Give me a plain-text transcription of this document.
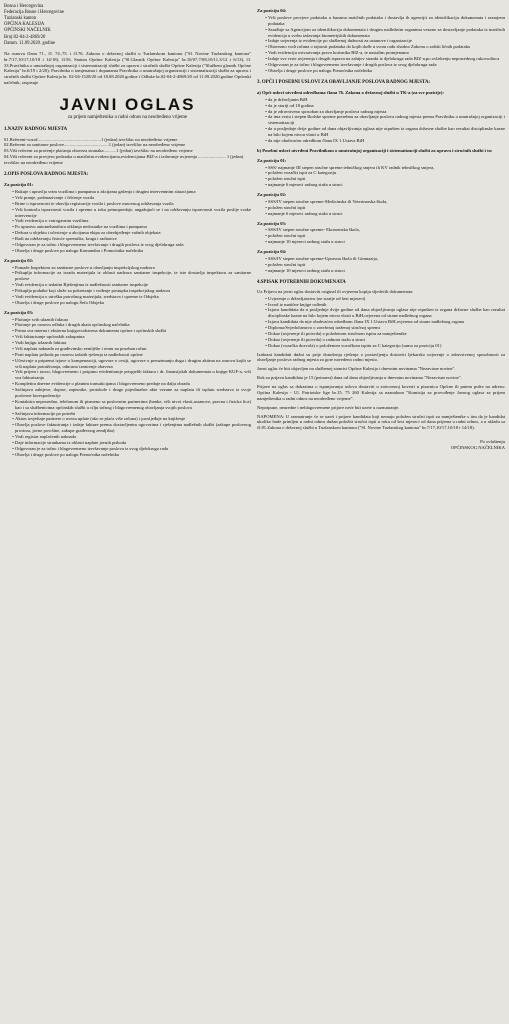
Bosna i Hercegovina

Federacija Bosne i Hercegovine

Tuzlanski kanton

OPĆINA KALESIJA

OPĆINSKI NAČELNIK

Broj:02-04-2-4869/20

Datum. 11.09.2020. godine

Na osnovu člana 71., čl. 74.,75. i čl.76. Zakona o državnoj službi u Tuzlanskom kantonu ("Sl. Novine Tuzlanskog kantona" br.7/17,10/17,10/18 i 14/18), čl.56. Statuta Općine Kalesija ("Sl.Glasnik Općine Kalesija" br.10/07,7/08,10/11,3/12 i 6/13), čl. 33.Pravilnika o unutrašnjoj organizaciji i sistematizaciji službi za upravu i stručnih službi Općine Kalesija ("Službeni glasnik Općine Kalesija" br.6/19 i 2/20), Pravilnika o izmjenama i dopunama Pravilnika o unutrašnjoj organizaciji i sistematizaciji službi za upravu i stručnih službi Općine Kalesija br. 02-04-1528/20 od 18.08.2020.godine i Odluke br.02-04-2-4869/20 od 11.09.2020.godine Općinski načelnik, raspisuje

JAVNI OGLAS

za prijem namještenika u radni odnos na neodređeno vrijeme

1.NAZIV RADNOG MJESTA

01.Referent-vozač.......................................................1 (jedan) izvršilac na neodređeno vrijeme

02.Referent za sanitarne poslove.......................................1 (jedan) izvršilac na neodređeno vrijeme

03.Viši referent za praćenje plaćanja obaveza stranaka...........1 (jedan) izvršilac na neodređeno vrijeme

04.Viši referent za provjeru podataka u matičnim evidencijama,evidencijama BIZ-a i izdavanje uvjerenja ........................ 1 (jedan) izvršilac na neodređeno vrijeme

2.OPIS POSLOVA RADNOG MJESTA:

Za poziciju 01:

• Rukuje i upravlja svim vozilima i pumpama u akcijama gašenja i drugim interventnim situacijama
• Vrši pranje, podmazivanje i čišćenje vozila
• Brine o ispravnosti te obavlja registracije vozila i poslove osnovnog održavanja vozila
• Vrši kontrolu ispravnosti vozila i opreme u toku primopredaje, angažujući se i na održavanju ispravnosti vozila poslije svake intervencije
• Vodi evidenciju o vatrogasnim vozilima
• Po upustvu automehaničara otklanja nedostatke na vozilima i pumpama
• Dežura u objektu i učestvuje u akcijama ekipa za obezbjeđenje važnih objekata
• Radi na održavanju čistoće spremišta, kruga i radionice
• Odgovoran je za tačno i blagovremeno izvršavanje i drugih poslova iz svog djelokruga rada
• Obavlja i druge poslove po nalogu Komandira i Pomoćnika načelnika

Za poziciju 02:

• Pomaže Inspektoru za sanitarne poslove u obavljanju inspekcijskog nadzora
• Prikuplja informacije za izradu materijala iz oblasti nadzora sanitarne inspekcije, te iste dostavlja inspektoru za sanitarne poslove
• Vodi evidenciju o izdatim Rješenjima iz nadležnosti sanitarne inspekcije
• Prikuplja podatke koji služe za pokretanje i vođenje postupka inspekcijskog nadzora
• Vodi evidenciju o utrošku potrošnog materijala, sredstava i opreme iz Odsjeka
• Obavlja i druge poslove po nalogu Šefa Odsjeka

Za poziciju 03:

• Plaćanje svih ulaznih faktura
• Plaćanje po osnovu odluka i drugih akata općinskog načelnika
• Prima sva interna i eksterna knjigovodstvena dokumenta općine i općinskih službi
• Vrši fakturisanje općinskih zakupnina
• Vodi knjigu izlaznih faktura
• Vrši naplatu naknada za građevinsko zemljište i rentu na poseban račun
• Prati naplatu prihoda po osnovu izdatih rješenja iz nadležnosti općine
• Učestvuje u pripremi izjave o kompenzaciji, ugovore o cesiji, ugovore o preuzimanju duga i drugim aktima na osnovu kojih se vrši naplata potraživanja, odnosno izmirenje obaveza
• Vrši prijem i tacno, blagovremeno i potpuno evidentiranje prispjelih faktura i dr. finansijskih dokumenata u knjige KUF-a, vrši sva fakturisanja
• Kompletira dnevne evidencije o platnim transakcijama i blagovremeno predaje na dalju obradu
• Sačinjava zahtjeve, dopise, zapisnike, protokole i druge pojedinačne akte vezane za naplatu ili isplatu sredstava iz svoje poslovne korespodencije
• Kontaktira neposredno, telefonom ili pismeno sa poslovnim partnerima (banke, viši nivoi vlasti,ustanove, pravna i fizicka lica) kao i sa službenicima općinskih službi u cilju tačnog i blagovremenog obavljanja svojih poslova
• Sačinjava informacije po potrebi
• Akton izvještaje partnere o uvezu uplate (ako se plaća više računa) i prosljeđuje na knjiženje
• Obavlja poslove fakturiranja i izdaje fakture prema dostavljenim ugovorima i rješenjima nadležnih službi (zakupe poslovnog prostora, javne površine, zakupe građevnog zemljišta)
• Vodi registar naplaćenih naknada
• Daje informacije strankama iz oblasti naplate javnih prihoda
• Odgovoran je za tačno i blagovremeno izvršavanje poslova iz svog djelokruga rada
• Obavlja i druge poslove po nalogu Pomoćnika načelnika

Za poziciju 04:

• Vrši poslove provjere podataka u bazama matičnih podataka i dostavlja ih agencijii za identifikaciju dokumenata i razmjenu podataka
• Sarađuje sa Agencijom za identifikaciju dokumenata i drugim nadležnim organima vezano za dostavljanje podataka iz matičnih evidencija u svrhu izdavanja biometrijskih dokumenata
• Izdaje uvjerenja iz evidencije po službenoj dužnosti za ustanove i organizacije
• Obavezno vodi računa o tajnosti podataka do kojih dođe u svom radu shodno Zakonu o zaštiti ličnih podataka
• Vodi evidenciju ostvarivanja prava korisnika BIZ-a, te nastalim promjenama
• Izdaje sve vrste uvjerenja i drugih isprava na zahtjev stranki iz djelokruga rada BIZ-a,po ovlaštenju neposrednog rukovodioca
• Odgovoran je za tačno i blagovremeno izvršavanje i drugih poslova iz svog djelokruga rada
• Obavlja i druge poslove po nalogu Pomoćnika načelnika

3. OPĆI I POSEBNI USLOVI ZA OBAVLJANJE POSLOVA RADNOG MJESTA:

a) Opći uslovi utvrđeni odredbama člana 76. Zakona o državnoj službi u TK-a (za sve pozicije):

• da je državljanin BiH
• da je stariji od 18 godina
• da je zdravstveno sposoban za obavljanje poslova radnog mjesta
• da ima vrstu i stepen školske spreme potrebnu za obavljanje poslova radnog mjesta prema Pravilniku o unutrašnjoj organizaciji i sistematizaciji
• da u posljednje dvije godine od dana objavljivanja oglasa nije otpušten iz organa državne službe kao rezultat disciplinske kazne na bilo kojem nivou vlasti u BiH
• da nije obuhvaćen odredbom člana IX 1.Ustava BiH

b) Posebni uslovi utvrđeni Pravilnikom o unutrašnjoj organizaciji i sistematizaciji službi za upravu i stručnih službi i to:

Za poziciju 01:

• SSS/ najmanje III stepen stručne spreme tehničkog smjera ili KV radnik tehničkog smjera,
• položen vozački ispit za C kategoriju
• položen stručni ispit
• najmanje 6 mjeseci radnog staža u struci

Za poziciju 02:

• SSS/IV stepen stručne spreme-Medicinska ili Veterinarska škola,
• položen stručni ispit
• najmanje 6 mjeseci radnog staža u struci

Za poziciju 03:

• SSS/IV stepen stručne spreme- Ekonomska škola,
• položen stručni ispit
• najmanje 10 mjeseci radnog staža u struci

Za poziciju 04:

• SSS/IV stepen stručne spreme-Upravna škola ili Gimnazija,
• položen stručni ispit
• najmanje 10 mjeseci radnog staža u struci

4.SPISAK POTREBNIH DOKUMENATA

Uz Prijavu na javni oglas dostaviti original ili ovjerenu kopiju sljedećih dokumenata:

• Uvjerenje o državljanstvu (ne starije od šest mjeseci)
• Izvod iz matične knjige rođenih
• Izjava kandidata da u posljednje dvije godine od dana objavljivanja oglasa nije otpušten iz organa državne službe kao rezultat disciplinske kazne na bilo kojem nivou vlasti u BiH,ovjerena od strane nadležnog organa
• Izjava kandidata da nije obuhvaćen odredbom člana IX 1.Ustava BiH,ovjerena od strane nadležnog organa
• Diploma/Svjedočanstvo o završenoj traženoj stručnoj spremi
• Dokaz (uvjerenje ili potvrda) o položenom stručnom ispitu za namještenike
• Dokaz (uvjerenje ili potvrda) o radnom stažu u struci
• Dokaz (vozačka dozvola) o položenom vozačkom ispitu za C kategoriju (samo za poziciju 01)

Izabrani kandidati dužni su prije donošenja rješenja o postavljenju dostaviti ljekarsko uvjerenje o zdravstvenoj sposobnosti za obavljanje poslova radnog mjesta za gore navedeno radno mjesto.

Javni oglas će biti objavljen na službenoj stranici Općine Kalesija i dnevnim novinama "Nezavisne novine".

Rok za prijavu kandidata je 15 (petnaest) dana od dana objavljivanja u dnevnim novinama "Nezavisne novine".

Prijave na oglas sa dokazima o ispunjavanju uslova dostaviti u zatvorenoj koverti u pisarnicu Općine ili putem pošte na adresu: Općina Kalesija - Ul. Patriotske lige br.15, 75 260 Kalesija sa naznakom "Komisija za provođenje Javnog oglasa za prijem namještenika u radni odnos na neodređeno vrijeme".

Nepotpune, neuredne i neblagovremene prijave neće biti uzete u razmatranje.

NAPOMENA: U razmatranje će se uzeti i prijave kandidata koji nemaju položen stručni ispit za namještenike s tim da je kandidat ukoliko bude primljen u radni odnos dužan položiti stručni ispit u roku od šest mjeseci od dana prijema u radni odnos, a u skladu sa čl.81.Zakona o državnoj službi u Tuzlanskom kantonu ("Sl. Novine Tuzlanskog kantona" br.7/17,10/17,10/18 i 14/18).

Po ovlaštenju

OPĆINSKOG NAČELNIKA
